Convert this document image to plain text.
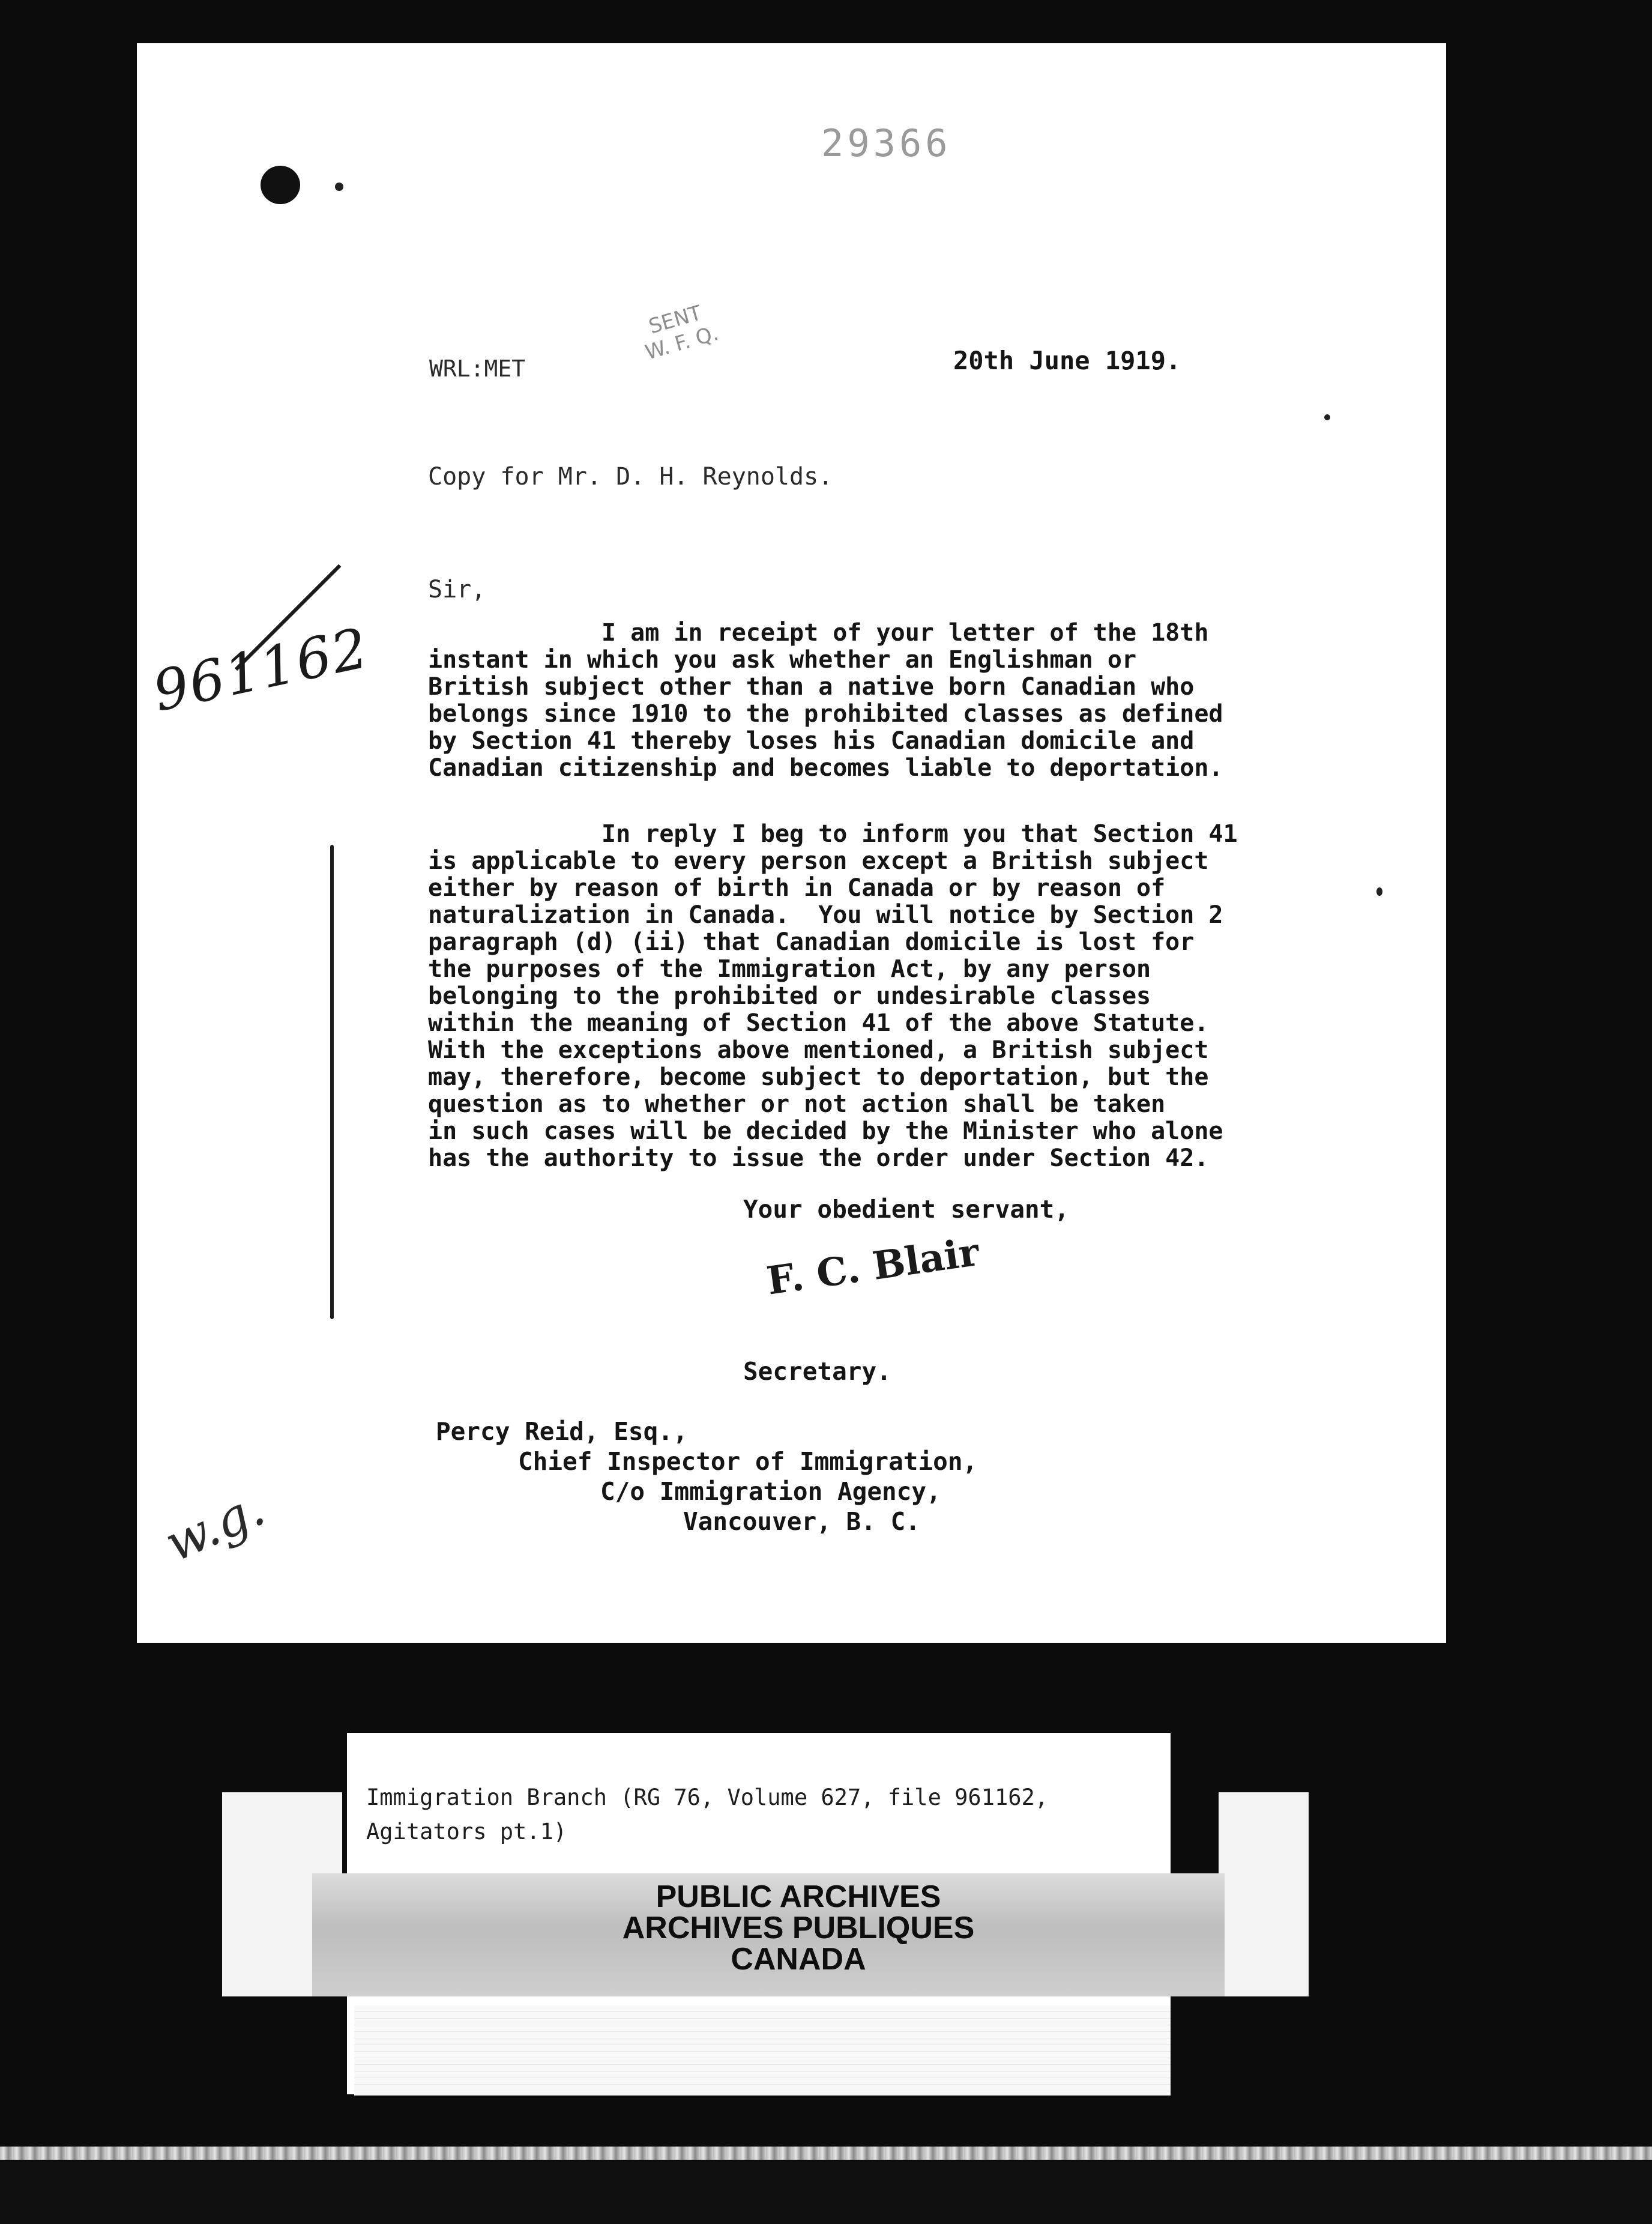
29366
SENT
W. F. Q.
WRL:MET	20th June 1919.
Copy for Mr. D. H. Reynolds.
Sir,
961162	I am in receipt of your letter of the 18th
instant in which you ask whether an Englishman or
British subject other than a native born Canadian who
belongs since 1910 to the prohibited classes as defined
by Section 41 thereby loses his Canadian domicile and
Canadian citizenship and becomes liable to deportation.
In reply I beg to inform you that Section 41
is applicable to every person except a British subject
either by reason of birth in Canada or by reason of
naturalization in Canada.  You will notice by Section 2
paragraph (d) (ii) that Canadian domicile is lost for
the purposes of the Immigration Act, by any person
belonging to the prohibited or undesirable classes
within the meaning of Section 41 of the above Statute.
With the exceptions above mentioned, a British subject
may, therefore, become subject to deportation, but the
question as to whether or not action shall be taken
in such cases will be decided by the Minister who alone
has the authority to issue the order under Section 42.
Your obedient servant,
F. C. Blair
Secretary.
Percy Reid, Esq.,
Chief Inspector of Immigration,
C/o Immigration Agency,
Vancouver, B. C.
w.g.
Immigration Branch (RG 76, Volume 627, file 961162,
Agitators pt.1)
PUBLIC ARCHIVES
ARCHIVES PUBLIQUES
CANADA
